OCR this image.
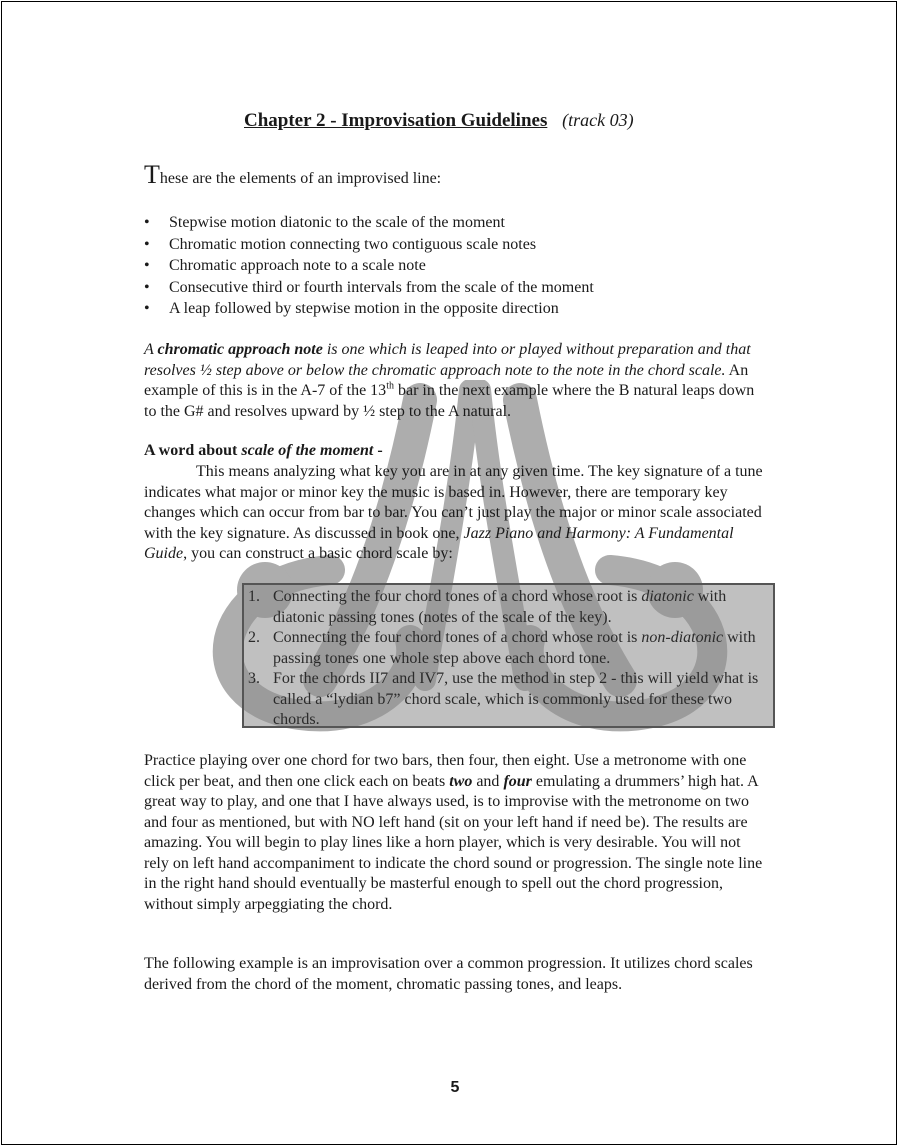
Chapter 2 - Improvisation Guidelines (track 03)
These are the elements of an improvised line:
• Stepwise motion diatonic to the scale of the moment
• Chromatic motion connecting two contiguous scale notes
• Chromatic approach note to a scale note
• Consecutive third or fourth intervals from the scale of the moment
• A leap followed by stepwise motion in the opposite direction

A chromatic approach note is one which is leaped into or played without preparation and that resolves ½ step above or below the chromatic approach note to the note in the chord scale. An example of this is in the A-7 of the 13th bar in the next example where the B natural leaps down to the G# and resolves upward by ½ step to the A natural.

A word about scale of the moment -

This means analyzing what key you are in at any given time. The key signature of a tune indicates what major or minor key the music is based in. However, there are temporary key changes which can occur from bar to bar. You can’t just play the major or minor scale associated with the key signature. As discussed in book one, Jazz Piano and Harmony: A Fundamental Guide, you can construct a basic chord scale by:

1. Connecting the four chord tones of a chord whose root is diatonic with diatonic passing tones (notes of the scale of the key).
2. Connecting the four chord tones of a chord whose root is non-diatonic with passing tones one whole step above each chord tone.
3. For the chords II7 and IV7, use the method in step 2 - this will yield what is called a “lydian b7” chord scale, which is commonly used for these two chords.

Practice playing over one chord for two bars, then four, then eight. Use a metronome with one click per beat, and then one click each on beats two and four emulating a drummers’ high hat. A great way to play, and one that I have always used, is to improvise with the metronome on two and four as mentioned, but with NO left hand (sit on your left hand if need be). The results are amazing. You will begin to play lines like a horn player, which is very desirable. You will not rely on left hand accompaniment to indicate the chord sound or progression. The single note line in the right hand should eventually be masterful enough to spell out the chord progression, without simply arpeggiating the chord.

The following example is an improvisation over a common progression. It utilizes chord scales derived from the chord of the moment, chromatic passing tones, and leaps.

5
